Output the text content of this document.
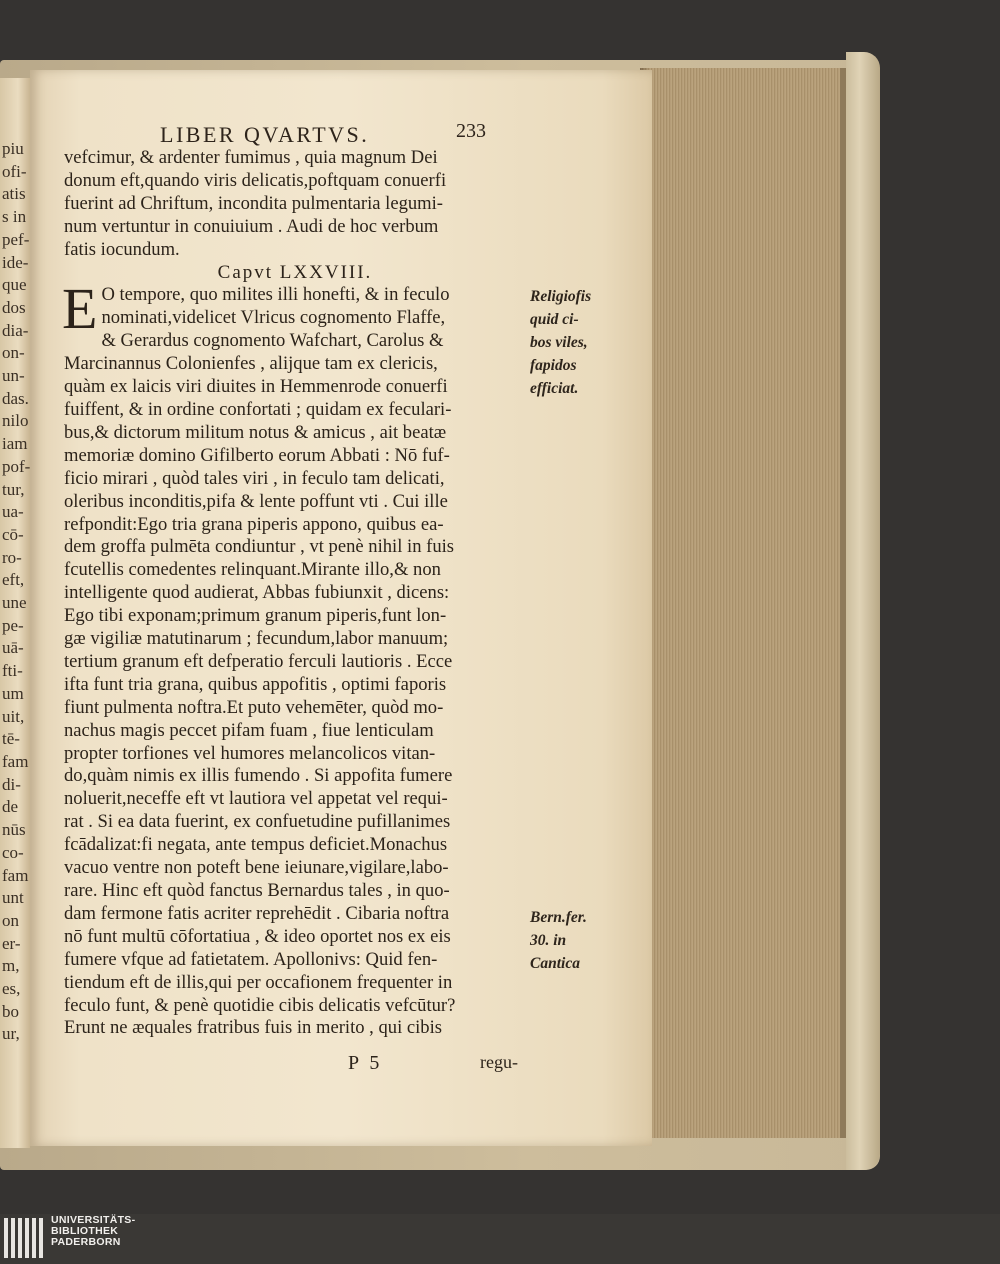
piu
ofi-
atis
s in
pef-
ide-
que
dos
dia-
on-
un-
das.
nilo
iam
pof-
tur,
ua-
cō-
ro-
eft,
une
pe-
uā-
fti-
um
uit,
tē-
fam
di-
de
nūs
co-
fam
unt
on
er-
m,
es,
bo
ur,
LIBER QVARTVS.	233
vefcimur, & ardenter fumimus , quia magnum Dei
donum eft,quando viris delicatis,poftquam conuerfi
fuerint ad Chriftum, incondita pulmentaria legumi-
num vertuntur in conuiuium . Audi de hoc verbum
fatis iocundum.
Capvt LXXVIII.
E O tempore, quo milites illi honefti, & in feculo
nominati,videlicet Vlricus cognomento Flaffe,
& Gerardus cognomento Wafchart, Carolus &
Marcinannus Colonienfes , alijque tam ex clericis,
quàm ex laicis viri diuites in Hemmenrode conuerfi
fuiffent, & in ordine confortati ; quidam ex feculari-
bus,& dictorum militum notus & amicus , ait beatæ
memoriæ domino Gifilberto eorum Abbati : Nō fuf-
ficio mirari , quòd tales viri , in feculo tam delicati,
oleribus inconditis,pifa & lente poffunt vti . Cui ille
refpondit:Ego tria grana piperis appono, quibus ea-
dem groffa pulmēta condiuntur , vt penè nihil in fuis
fcutellis comedentes relinquant.Mirante illo,& non
intelligente quod audierat, Abbas fubiunxit , dicens:
Ego tibi exponam;primum granum piperis,funt lon-
gæ vigiliæ matutinarum ; fecundum,labor manuum;
tertium granum eft defperatio ferculi lautioris . Ecce
ifta funt tria grana, quibus appofitis , optimi faporis
fiunt pulmenta noftra.Et puto vehemēter, quòd mo-
nachus magis peccet pifam fuam , fiue lenticulam
propter torfiones vel humores melancolicos vitan-
do,quàm nimis ex illis fumendo . Si appofita fumere
noluerit,neceffe eft vt lautiora vel appetat vel requi-
rat . Si ea data fuerint, ex confuetudine pufillanimes
fcādalizat:fi negata, ante tempus deficiet.Monachus
vacuo ventre non poteft bene ieiunare,vigilare,labo-
rare. Hinc eft quòd fanctus Bernardus tales , in quo-
dam fermone fatis acriter reprehēdit . Cibaria noftra
nō funt multū cōfortatiua , & ideo oportet nos ex eis
fumere vfque ad fatietatem. Apollonivs: Quid fen-
tiendum eft de illis,qui per occafionem frequenter in
feculo funt, & penè quotidie cibis delicatis vefcūtur?
Erunt ne æquales fratribus fuis in merito , qui cibis
Religiofis
quid ci-
bos viles,
fapidos
efficiat.
Bern.fer.
30. in
Cantica
P 5	regu-
UNIVERSITÄTS-
BIBLIOTHEK
PADERBORN
